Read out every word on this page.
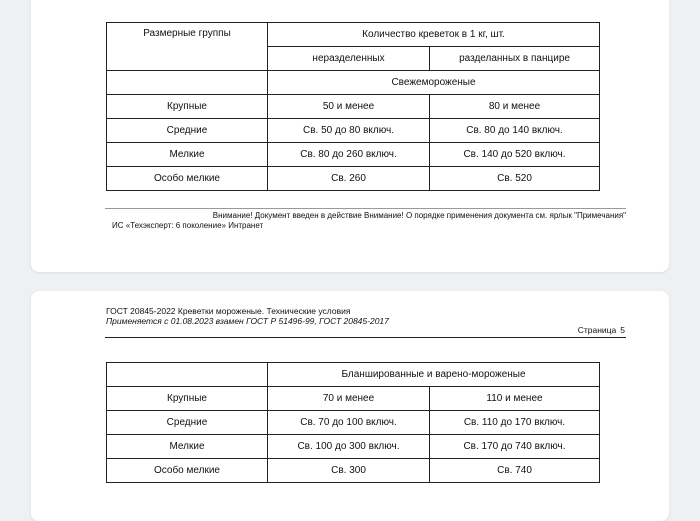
Размерные группы	Количество креветок в 1 кг, шт.	
	неразделенных	разделанных в панцире
	Свежемороженые	
Крупные	50 и менее	80 и менее
Средние	Св. 50 до 80 включ.	Св. 80 до 140 включ.
Мелкие	Св. 80 до 260 включ.	Св. 140 до 520 включ.
Особо мелкие	Св. 260	Св. 520
Внимание! Документ введен в действие Внимание! О порядке применения документа см. ярлык "Примечания"
ИС «Техэксперт: 6 поколение» Интранет
ГОСТ 20845-2022 Креветки мороженые. Технические условия
Применяется с 01.08.2023 взамен ГОСТ Р 51496-99, ГОСТ 20845-2017
Страница 5
	Бланшированные и варено-мороженые	
Крупные	70 и менее	110 и менее
Средние	Св. 70 до 100 включ.	Св. 110 до 170 включ.
Мелкие	Св. 100 до 300 включ.	Св. 170 до 740 включ.
Особо мелкие	Св. 300	Св. 740
